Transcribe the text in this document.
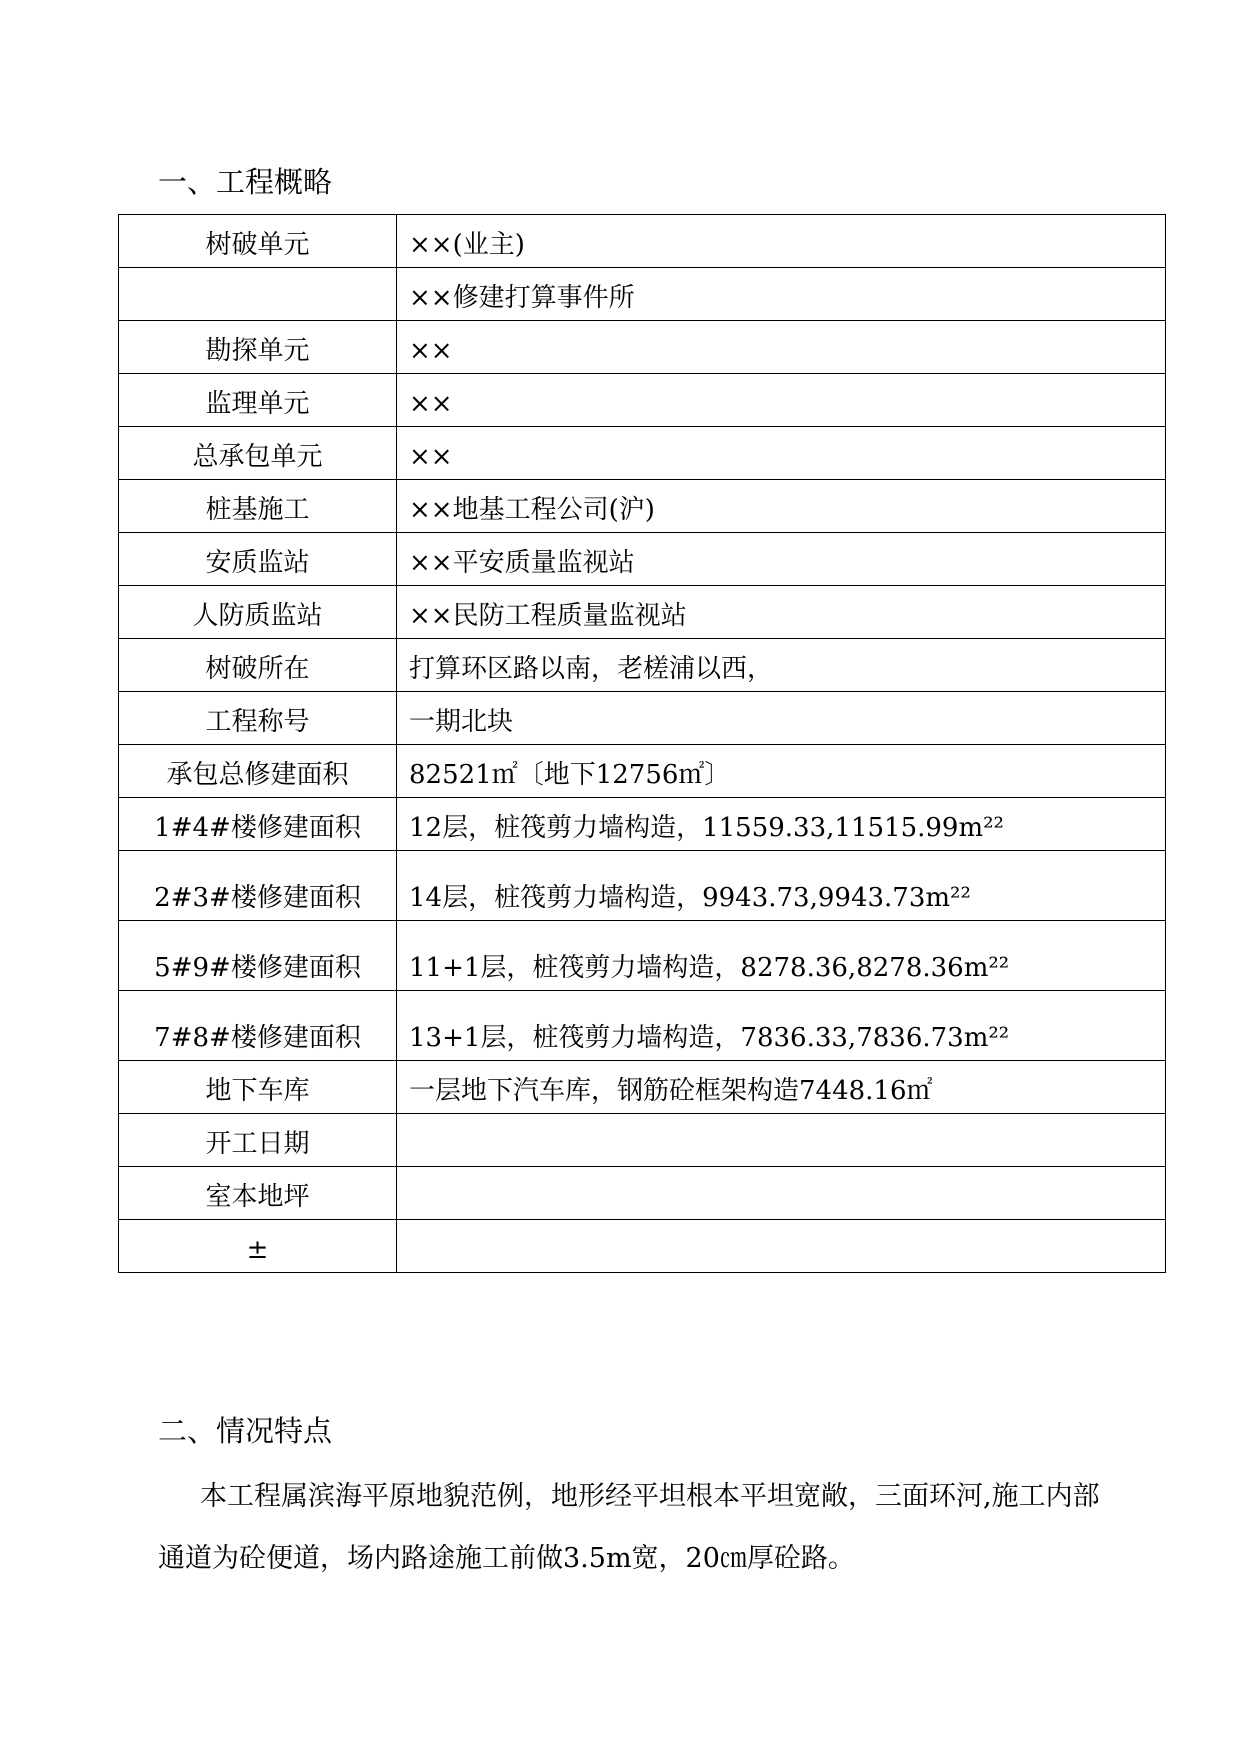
一、工程概略
树破单元	××(业主)
	××修建打算事件所
勘探单元	××
监理单元	××
总承包单元	××
桩基施工	××地基工程公司(沪)
安质监站	××平安质量监视站
人防质监站	××民防工程质量监视站
树破所在	打算环区路以南，老槎浦以西，
工程称号	一期北块
承包总修建面积	82521㎡〔地下12756㎡〕
1#4#楼修建面积	12层，桩筏剪力墙构造，11559.33,11515.99m²²
2#3#楼修建面积	14层，桩筏剪力墙构造，9943.73,9943.73m²²
5#9#楼修建面积	11+1层，桩筏剪力墙构造，8278.36,8278.36m²²
7#8#楼修建面积	13+1层，桩筏剪力墙构造，7836.33,7836.73m²²
地下车库	一层地下汽车库，钢筋砼框架构造7448.16㎡
开工日期	
室本地坪	
±	
二、情况特点

本工程属滨海平原地貌范例，地形经平坦根本平坦宽敞，三面环河,施工内部通道为砼便道，场内路途施工前做3.5m宽，20㎝厚砼路。
